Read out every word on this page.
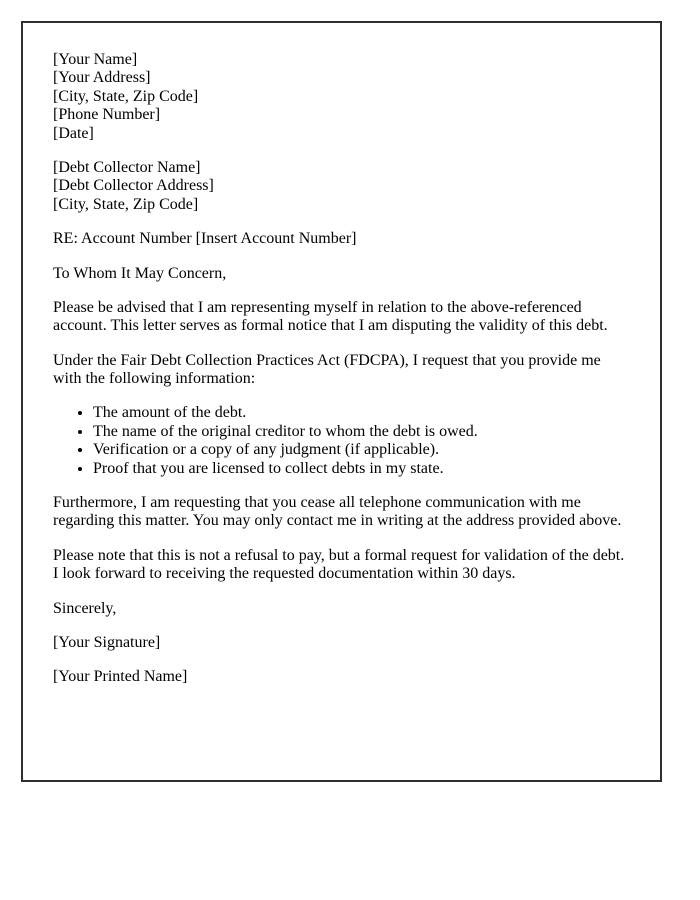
[Your Name]
[Your Address]
[City, State, Zip Code]
[Phone Number]
[Date]

[Debt Collector Name]
[Debt Collector Address]
[City, State, Zip Code]

RE: Account Number [Insert Account Number]

To Whom It May Concern,

Please be advised that I am representing myself in relation to the above-referenced account. This letter serves as formal notice that I am disputing the validity of this debt.

Under the Fair Debt Collection Practices Act (FDCPA), I request that you provide me with the following information:

• The amount of the debt.
• The name of the original creditor to whom the debt is owed.
• Verification or a copy of any judgment (if applicable).
• Proof that you are licensed to collect debts in my state.

Furthermore, I am requesting that you cease all telephone communication with me regarding this matter. You may only contact me in writing at the address provided above.

Please note that this is not a refusal to pay, but a formal request for validation of the debt. I look forward to receiving the requested documentation within 30 days.

Sincerely,

[Your Signature]

[Your Printed Name]
